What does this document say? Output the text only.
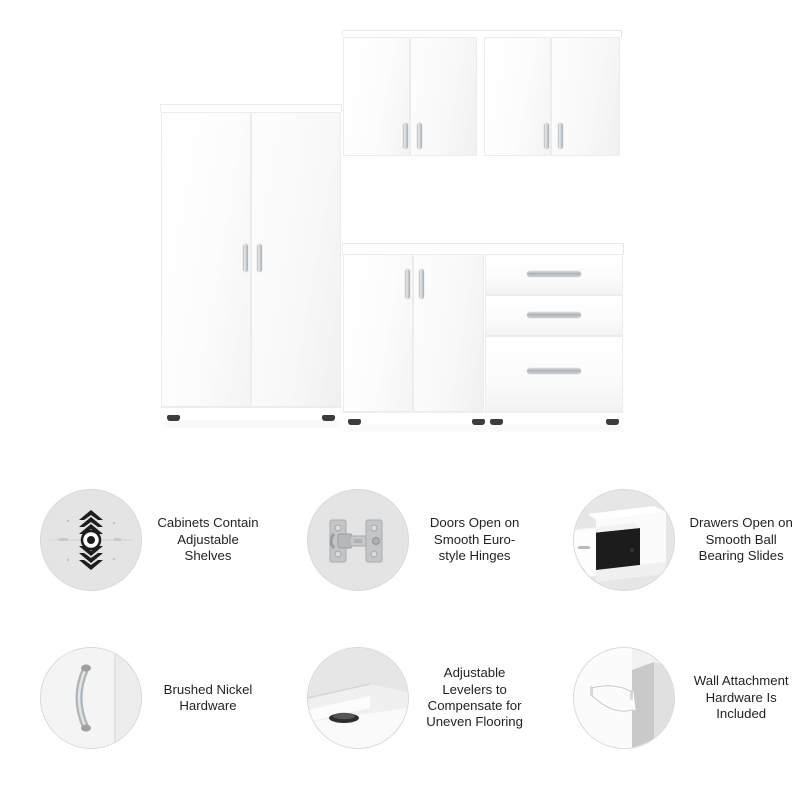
Cabinets Contain Adjustable Shelves
Doors Open on Smooth Euro-style Hinges
Drawers Open on Smooth Ball Bearing Slides
Brushed Nickel Hardware
Adjustable Levelers to Compensate for Uneven Flooring
Wall Attachment Hardware Is Included
